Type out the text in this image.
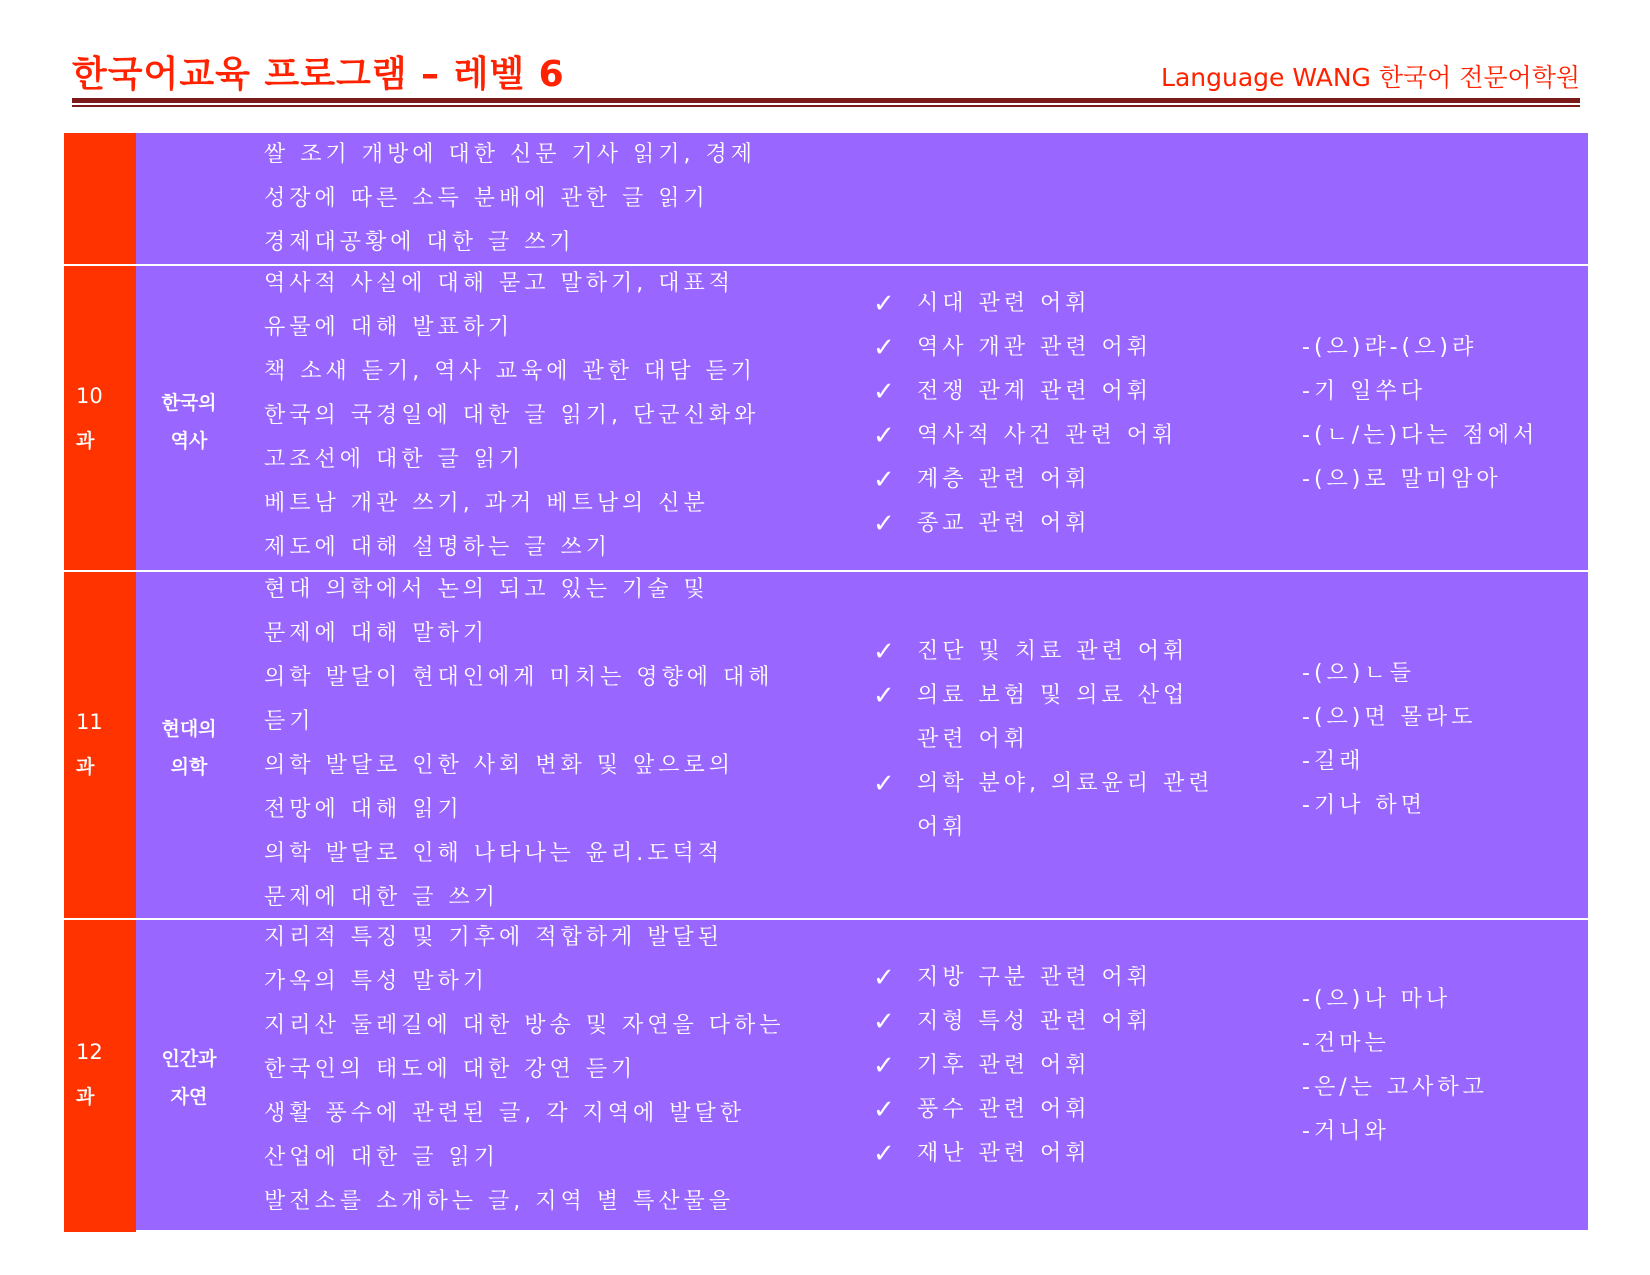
한국어교육 프로그램 – 레벨 6	Language WANG 한국어 전문어학원
쌀 조기 개방에 대한 신문 기사 읽기, 경제
성장에 따른 소득 분배에 관한 글 읽기
경제대공황에 대한 글 쓰기
10
과
한국의
역사
역사적 사실에 대해 묻고 말하기, 대표적
유물에 대해 발표하기
책 소새 듣기, 역사 교육에 관한 대담 듣기
한국의 국경일에 대한 글 읽기, 단군신화와
고조선에 대한 글 읽기
베트남 개관 쓰기, 과거 베트남의 신분
제도에 대해 설명하는 글 쓰기
✓ 시대 관련 어휘
✓ 역사 개관 관련 어휘
✓ 전쟁 관계 관련 어휘
✓ 역사적 사건 관련 어휘
✓ 계층 관련 어휘
✓ 종교 관련 어휘
-(으)랴-(으)랴
-기 일쑤다
-(ㄴ/는)다는 점에서
-(으)로 말미암아
11
과
현대의
의학
현대 의학에서 논의 되고 있는 기술 및
문제에 대해 말하기
의학 발달이 현대인에게 미치는 영향에 대해
듣기
의학 발달로 인한 사회 변화 및 앞으로의
전망에 대해 읽기
의학 발달로 인해 나타나는 윤리.도덕적
문제에 대한 글 쓰기
✓ 진단 및 치료 관련 어휘
✓ 의료 보험 및 의료 산업
관련 어휘
✓ 의학 분야, 의료윤리 관련
어휘
-(으)ㄴ들
-(으)면 몰라도
-길래
-기나 하면
12
과
인간과
자연
지리적 특징 및 기후에 적합하게 발달된
가옥의 특성 말하기
지리산 둘레길에 대한 방송 및 자연을 다하는
한국인의 태도에 대한 강연 듣기
생활 풍수에 관련된 글, 각 지역에 발달한
산업에 대한 글 읽기
발전소를 소개하는 글, 지역 별 특산물을
✓ 지방 구분 관련 어휘
✓ 지형 특성 관련 어휘
✓ 기후 관련 어휘
✓ 풍수 관련 어휘
✓ 재난 관련 어휘
-(으)나 마나
-건마는
-은/는 고사하고
-거니와
